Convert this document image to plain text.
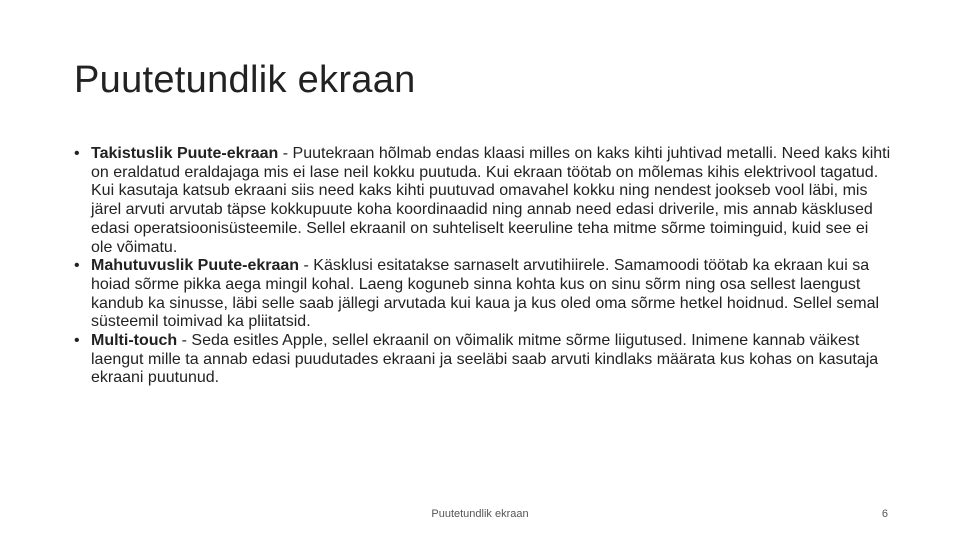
Puutetundlik ekraan
• Takistuslik Puute-ekraan - Puutekraan hõlmab endas klaasi milles on kaks kihti juhtivad metalli. Need kaks kihti on eraldatud eraldajaga mis ei lase neil kokku puutuda. Kui ekraan töötab on mõlemas kihis elektrivool tagatud. Kui kasutaja katsub ekraani siis need kaks kihti puutuvad omavahel kokku ning nendest jookseb vool läbi, mis järel arvuti arvutab täpse kokkupuute koha koordinaadid ning annab need edasi driverile, mis annab käsklused edasi operatsioonisüsteemile. Sellel ekraanil on suhteliselt keeruline teha mitme sõrme toiminguid, kuid see ei ole võimatu.
• Mahutuvuslik Puute-ekraan - Käsklusi esitatakse sarnaselt arvutihiirele. Samamoodi töötab ka ekraan kui sa hoiad sõrme pikka aega mingil kohal. Laeng koguneb sinna kohta kus on sinu sõrm ning osa sellest laengust kandub ka sinusse, läbi selle saab jällegi arvutada kui kaua ja kus oled oma sõrme hetkel hoidnud. Sellel semal süsteemil toimivad ka pliitatsid.
• Multi-touch - Seda esitles Apple, sellel ekraanil on võimalik mitme sõrme liigutused. Inimene kannab väikest laengut mille ta annab edasi puudutades ekraani ja seeläbi saab arvuti kindlaks määrata kus kohas on kasutaja ekraani puutunud.
Puutetundlik ekraan	6
